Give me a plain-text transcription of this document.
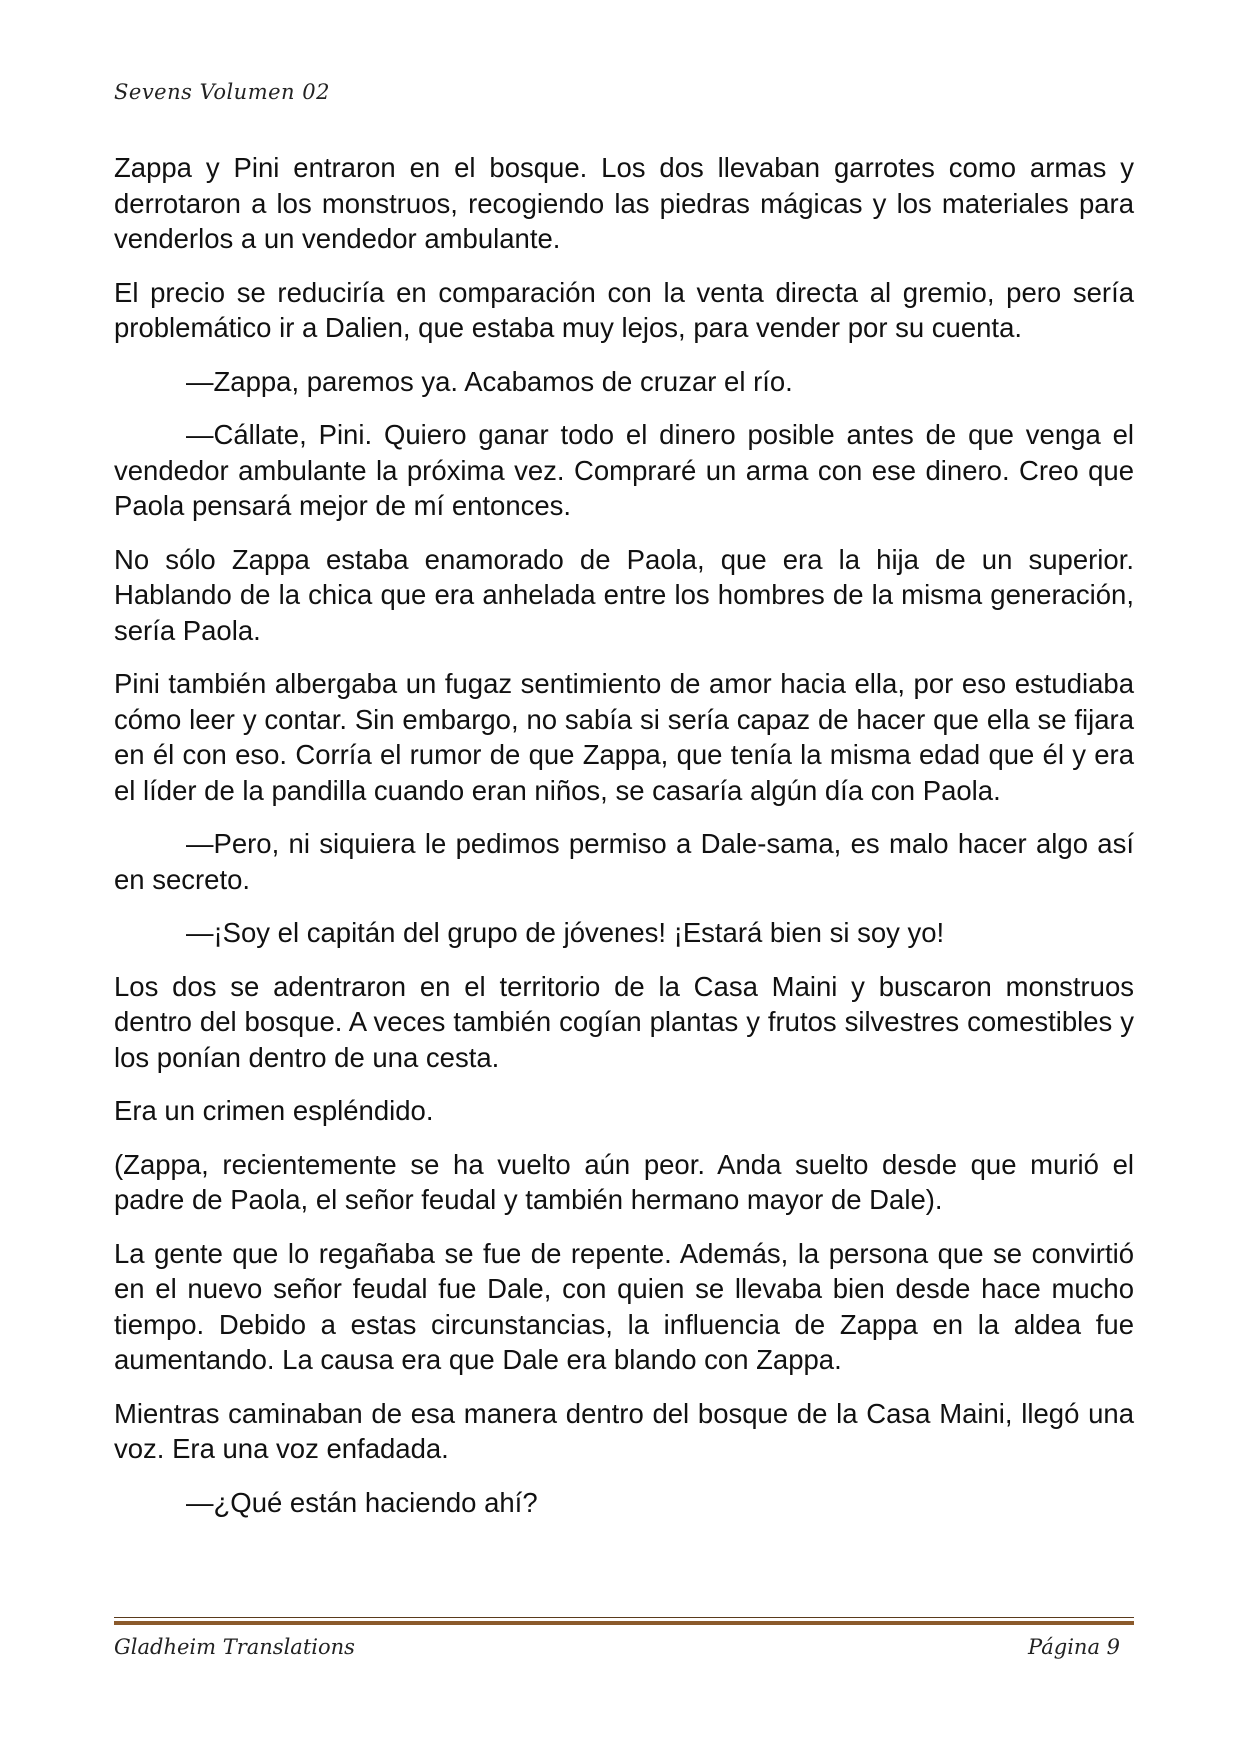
Sevens Volumen 02

Zappa y Pini entraron en el bosque. Los dos llevaban garrotes como armas y derrotaron a los monstruos, recogiendo las piedras mágicas y los materiales para venderlos a un vendedor ambulante.

El precio se reduciría en comparación con la venta directa al gremio, pero sería problemático ir a Dalien, que estaba muy lejos, para vender por su cuenta.

—Zappa, paremos ya. Acabamos de cruzar el río.

—Cállate, Pini. Quiero ganar todo el dinero posible antes de que venga el vendedor ambulante la próxima vez. Compraré un arma con ese dinero. Creo que Paola pensará mejor de mí entonces.

No sólo Zappa estaba enamorado de Paola, que era la hija de un superior. Hablando de la chica que era anhelada entre los hombres de la misma generación, sería Paola.

Pini también albergaba un fugaz sentimiento de amor hacia ella, por eso estudiaba cómo leer y contar. Sin embargo, no sabía si sería capaz de hacer que ella se fijara en él con eso. Corría el rumor de que Zappa, que tenía la misma edad que él y era el líder de la pandilla cuando eran niños, se casaría algún día con Paola.

—Pero, ni siquiera le pedimos permiso a Dale-sama, es malo hacer algo así en secreto.

—¡Soy el capitán del grupo de jóvenes! ¡Estará bien si soy yo!

Los dos se adentraron en el territorio de la Casa Maini y buscaron monstruos dentro del bosque. A veces también cogían plantas y frutos silvestres comestibles y los ponían dentro de una cesta.

Era un crimen espléndido.

(Zappa, recientemente se ha vuelto aún peor. Anda suelto desde que murió el padre de Paola, el señor feudal y también hermano mayor de Dale).

La gente que lo regañaba se fue de repente. Además, la persona que se convirtió en el nuevo señor feudal fue Dale, con quien se llevaba bien desde hace mucho tiempo. Debido a estas circunstancias, la influencia de Zappa en la aldea fue aumentando. La causa era que Dale era blando con Zappa.

Mientras caminaban de esa manera dentro del bosque de la Casa Maini, llegó una voz. Era una voz enfadada.

—¿Qué están haciendo ahí?

Gladheim Translations	Página 9
